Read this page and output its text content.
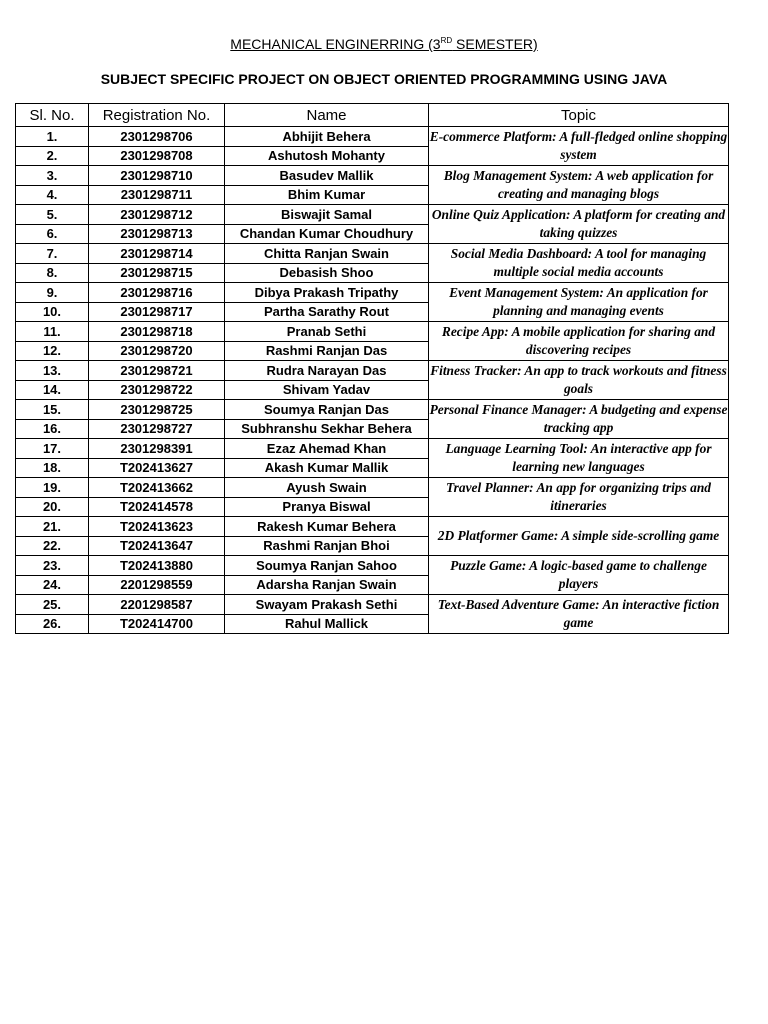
MECHANICAL ENGINERRING (3RD SEMESTER)
SUBJECT SPECIFIC PROJECT ON OBJECT ORIENTED PROGRAMMING USING JAVA
Sl. No.	Registration No.	Name	Topic
1.	2301298706	Abhijit Behera	E-commerce Platform: A full-fledged online shopping system
2.	2301298708	Ashutosh Mohanty	
3.	2301298710	Basudev Mallik	Blog Management System: A web application for creating and managing blogs
4.	2301298711	Bhim Kumar	
5.	2301298712	Biswajit Samal	Online Quiz Application: A platform for creating and taking quizzes
6.	2301298713	Chandan Kumar Choudhury	
7.	2301298714	Chitta Ranjan Swain	Social Media Dashboard: A tool for managing multiple social media accounts
8.	2301298715	Debasish Shoo	
9.	2301298716	Dibya Prakash Tripathy	Event Management System: An application for planning and managing events
10.	2301298717	Partha Sarathy Rout	
11.	2301298718	Pranab Sethi	Recipe App: A mobile application for sharing and discovering recipes
12.	2301298720	Rashmi Ranjan Das	
13.	2301298721	Rudra Narayan Das	Fitness Tracker: An app to track workouts and fitness goals
14.	2301298722	Shivam Yadav	
15.	2301298725	Soumya Ranjan Das	Personal Finance Manager: A budgeting and expense tracking app
16.	2301298727	Subhranshu Sekhar Behera	
17.	2301298391	Ezaz Ahemad Khan	Language Learning Tool: An interactive app for learning new languages
18.	T202413627	Akash Kumar Mallik	
19.	T202413662	Ayush Swain	Travel Planner: An app for organizing trips and itineraries
20.	T202414578	Pranya Biswal	
21.	T202413623	Rakesh Kumar Behera	2D Platformer Game: A simple side-scrolling game
22.	T202413647	Rashmi Ranjan Bhoi	
23.	T202413880	Soumya Ranjan Sahoo	Puzzle Game: A logic-based game to challenge players
24.	2201298559	Adarsha Ranjan Swain	
25.	2201298587	Swayam Prakash Sethi	Text-Based Adventure Game: An interactive fiction game
26.	T202414700	Rahul Mallick	
